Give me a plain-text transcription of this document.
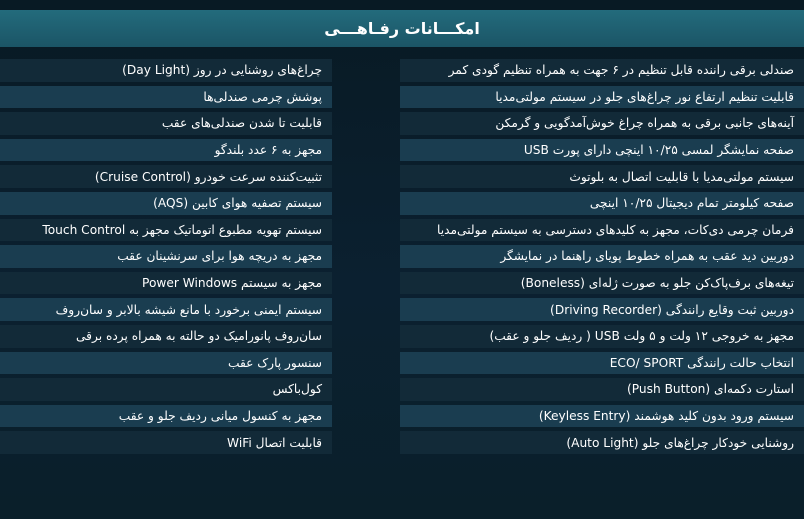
امکـــانات رفـاهـــی
صندلی برقی راننده قابل تنظیم در ۶ جهت به همراه تنظیم گودی کمر
چراغ‌های روشنایی در روز (Day Light)
قابلیت تنظیم ارتفاع نور چراغ‌های جلو در سیستم مولتی‌مدیا
پوشش چرمی صندلی‌ها
آینه‌های جانبی برقی به همراه چراغ خوش‌آمدگویی و گرمکن
قابلیت تا شدن صندلی‌های عقب
صفحه نمایشگر لمسی ۱۰/۲۵ اینچی دارای پورت USB
مجهز به ۶ عدد بلندگو
سیستم مولتی‌مدیا با قابلیت اتصال به بلوتوث
تثبیت‌کننده سرعت خودرو (Cruise Control)
صفحه کیلومتر تمام دیجیتال ۱۰/۲۵ اینچی
سیستم تصفیه هوای کابین (AQS)
فرمان چرمی دی‌کات، مجهز به کلیدهای دسترسی به سیستم مولتی‌مدیا
سیستم تهویه مطبوع اتوماتیک مجهز به Touch Control
دوربین دید عقب به همراه خطوط پویای راهنما در نمایشگر
مجهز به دریچه هوا برای سرنشینان عقب
تیغه‌های برف‌پاک‌کن جلو به صورت ژله‌ای (Boneless)
مجهز به سیستم Power Windows
دوربین ثبت وقایع رانندگی (Driving Recorder)
سیستم ایمنی برخورد با مانع شیشه بالابر و سان‌روف
مجهز به خروجی ۱۲ ولت و ۵ ولت USB ( ردیف جلو و عقب)
سان‌روف پانورامیک دو حالته به همراه پرده برقی
انتخاب حالت رانندگی ECO/ SPORT
سنسور پارک عقب
استارت دکمه‌ای (Push Button)
کول‌باکس
سیستم ورود بدون کلید هوشمند (Keyless Entry)
مجهز به کنسول میانی ردیف جلو و عقب
روشنایی خودکار چراغ‌های جلو (Auto Light)
قابلیت اتصال WiFi
